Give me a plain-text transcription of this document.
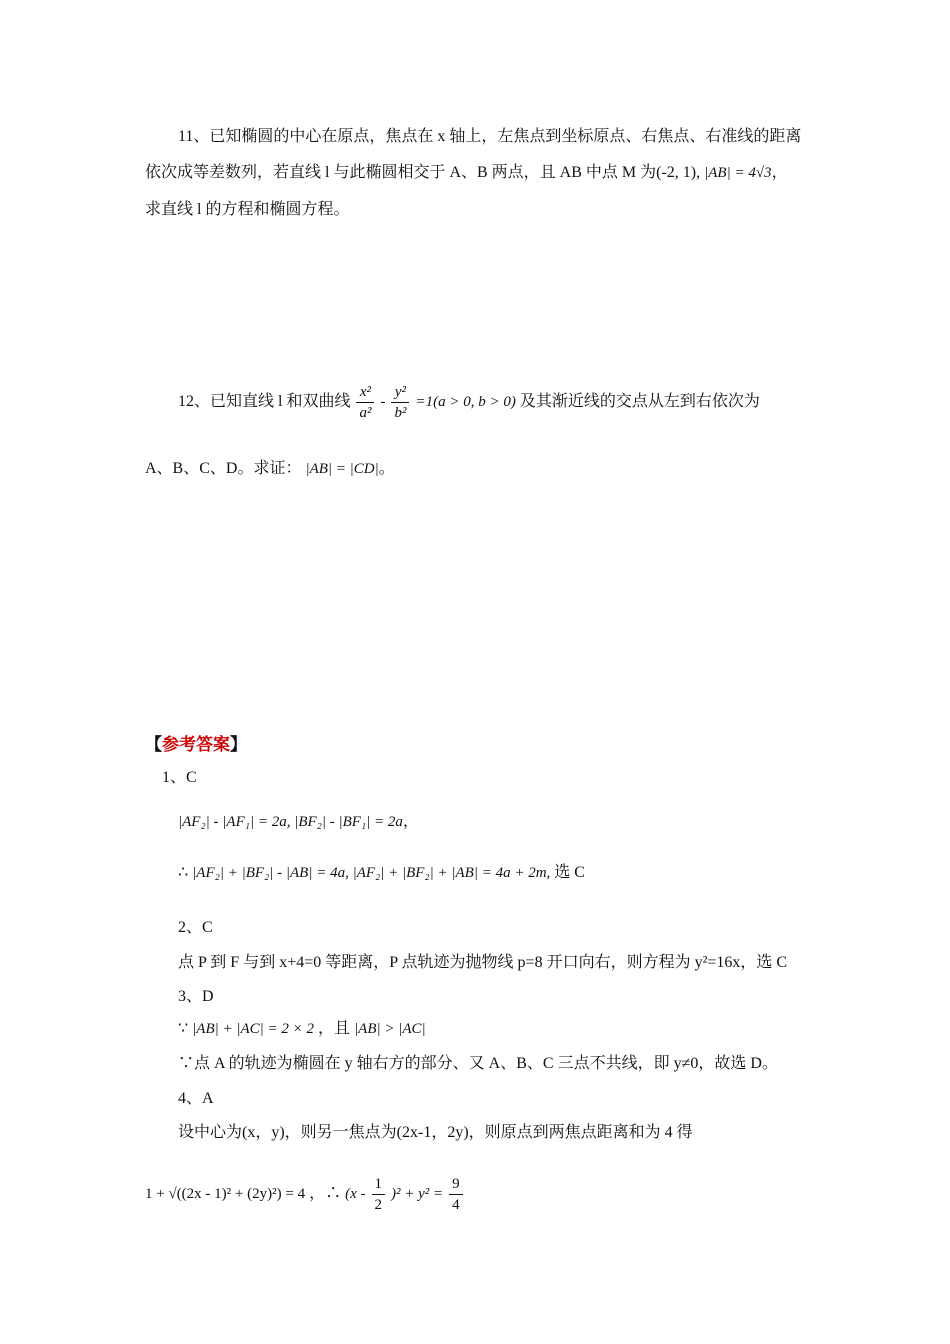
11、已知椭圆的中心在原点，焦点在 x 轴上，左焦点到坐标原点、右焦点、右准线的距离
依次成等差数列，若直线 l 与此椭圆相交于 A、B 两点，且 AB 中点 M 为(-2, 1), |AB| = 4√3，
求直线 l 的方程和椭圆方程。
12、已知直线 l 和双曲线 $\frac{\text{x²}}{\text{a²}} - \frac{\text{y²}}{\text{b²}} =1(a > 0$, b > 0) 及其渐近线的交点从左到右依次为
A、B、C、D。求证： |AB| = |CD|。
【参考答案】
1、C
|AF₂| - |AF₁| = 2a, |BF₂| - |BF₁| = 2a，
∴ |AF₂| + |BF₂| - |AB| = 4a, |AF₂| + |BF₂| + |AB| = 4a + 2m, 选 C
2、C
点 P 到 F 与到 x+4=0 等距离，P 点轨迹为抛物线 p=8 开口向右，则方程为 y²=16x，选 C
3、D
∵ |AB| + |AC| = 2 × 2 ，且 |AB| > |AC|
∵点 A 的轨迹为椭圆在 y 轴右方的部分、又 A、B、C 三点不共线，即 y≠0，故选 D。
4、A
设中心为(x，y)，则另一焦点为(2x-1，2y)，则原点到两焦点距离和为 4 得
1 + √((2x - 1)² + (2y)²) = 4 ，∴ $(x - \frac{1}{2} )^2 + y^2 = \frac{9}{4}$
